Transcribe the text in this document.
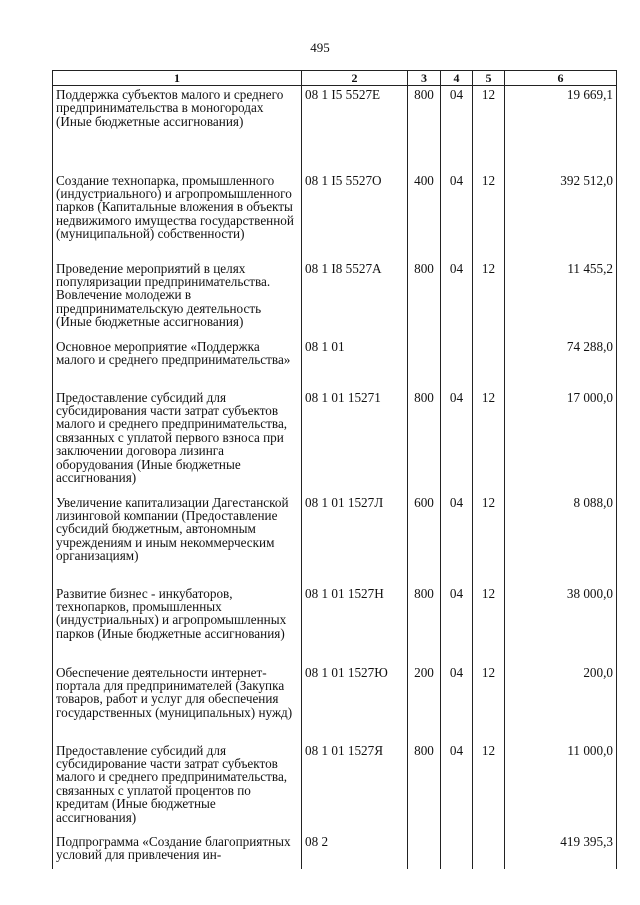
495
1	2	3	4	5	6
Поддержка субъектов малого и среднего предпринимательства в моногородах (Иные бюджетные ассигнования)	08 1 I5 5527Е	800	04	12	19 669,1
Создание технопарка, промышленного (индустриального) и агропромышленного парков (Капитальные вложения в объекты недвижимого имущества государственной (муниципальной) собственности)	08 1 I5 5527О	400	04	12	392 512,0
Проведение мероприятий в целях популяризации предпринимательства. Вовлечение молодежи в предпринимательскую деятельность (Иные бюджетные ассигнования)	08 1 I8 5527А	800	04	12	11 455,2
Основное мероприятие «Поддержка малого и среднего предпринимательства»	08 1 01				74 288,0
Предоставление субсидий для субсидирования части затрат субъектов малого и среднего предпринимательства, связанных с уплатой первого взноса при заключении договора лизинга оборудования (Иные бюджетные ассигнования)	08 1 01 15271	800	04	12	17 000,0
Увеличение капитализации Дагестанской лизинговой компании (Предоставление субсидий бюджетным, автономным учреждениям и иным некоммерческим организациям)	08 1 01 1527Л	600	04	12	8 088,0
Развитие бизнес - инкубаторов, технопарков, промышленных (индустриальных) и агропромышленных парков (Иные бюджетные ассигнования)	08 1 01 1527Н	800	04	12	38 000,0
Обеспечение деятельности интернет-портала для предпринимателей (Закупка товаров, работ и услуг для обеспечения государственных (муниципальных) нужд)	08 1 01 1527Ю	200	04	12	200,0
Предоставление субсидий для субсидирование части затрат субъектов малого и среднего предпринимательства, связанных с уплатой процентов по кредитам (Иные бюджетные ассигнования)	08 1 01 1527Я	800	04	12	11 000,0
Подпрограмма «Создание благоприятных условий для привлечения ин-	08 2				419 395,3
